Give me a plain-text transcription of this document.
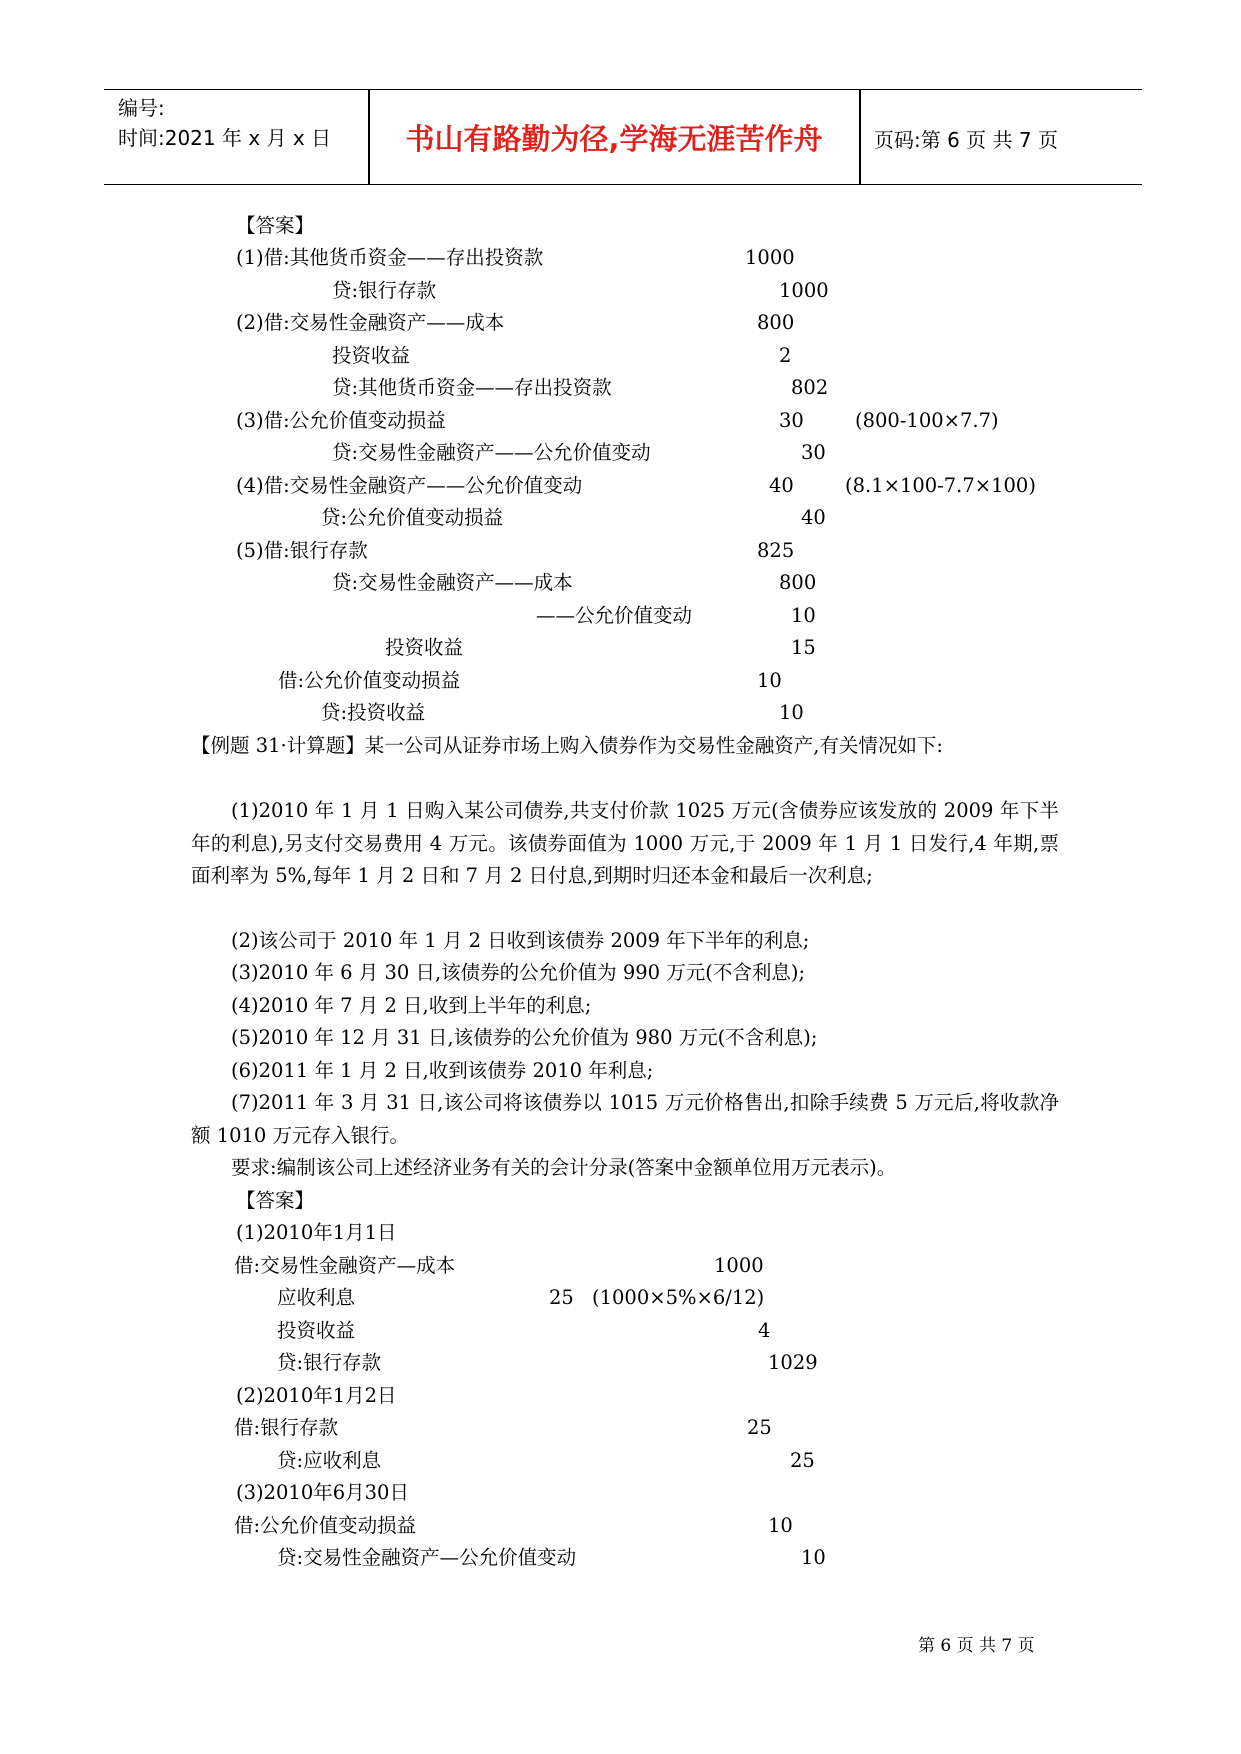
编号:
时间:2021 年 x 月 x 日	书山有路勤为径,学海无涯苦作舟	页码:第 6 页 共 7 页
【答案】
(1)借:其他货币资金——存出投资款	1000
贷:银行存款	1000
(2)借:交易性金融资产——成本	800
投资收益	2
贷:其他货币资金——存出投资款	802
(3)借:公允价值变动损益	30	(800-100×7.7)
贷:交易性金融资产——公允价值变动	30
(4)借:交易性金融资产——公允价值变动	40	(8.1×100-7.7×100)
贷:公允价值变动损益	40
(5)借:银行存款	825
贷:交易性金融资产——成本	800
——公允价值变动	10
投资收益	15
借:公允价值变动损益	10
贷:投资收益	10
【例题 31·计算题】某一公司从证券市场上购入债券作为交易性金融资产,有关情况如下:
(1)2010 年 1 月 1 日购入某公司债券,共支付价款 1025 万元(含债券应该发放的 2009 年下半年的利息),另支付交易费用 4 万元。该债券面值为 1000 万元,于 2009 年 1 月 1 日发行,4 年期,票面利率为 5%,每年 1 月 2 日和 7 月 2 日付息,到期时归还本金和最后一次利息;
(2)该公司于 2010 年 1 月 2 日收到该债券 2009 年下半年的利息;
(3)2010 年 6 月 30 日,该债券的公允价值为 990 万元(不含利息);
(4)2010 年 7 月 2 日,收到上半年的利息;
(5)2010 年 12 月 31 日,该债券的公允价值为 980 万元(不含利息);
(6)2011 年 1 月 2 日,收到该债券 2010 年利息;
(7)2011 年 3 月 31 日,该公司将该债券以 1015 万元价格售出,扣除手续费 5 万元后,将收款净额 1010 万元存入银行。
要求:编制该公司上述经济业务有关的会计分录(答案中金额单位用万元表示)。
【答案】
(1)2010年1月1日
借:交易性金融资产—成本	1000
应收利息	25 (1000×5%×6/12)
投资收益	4
贷:银行存款	1029
(2)2010年1月2日
借:银行存款	25
贷:应收利息	25
(3)2010年6月30日
借:公允价值变动损益	10
贷:交易性金融资产—公允价值变动	10
第 6 页 共 7 页
